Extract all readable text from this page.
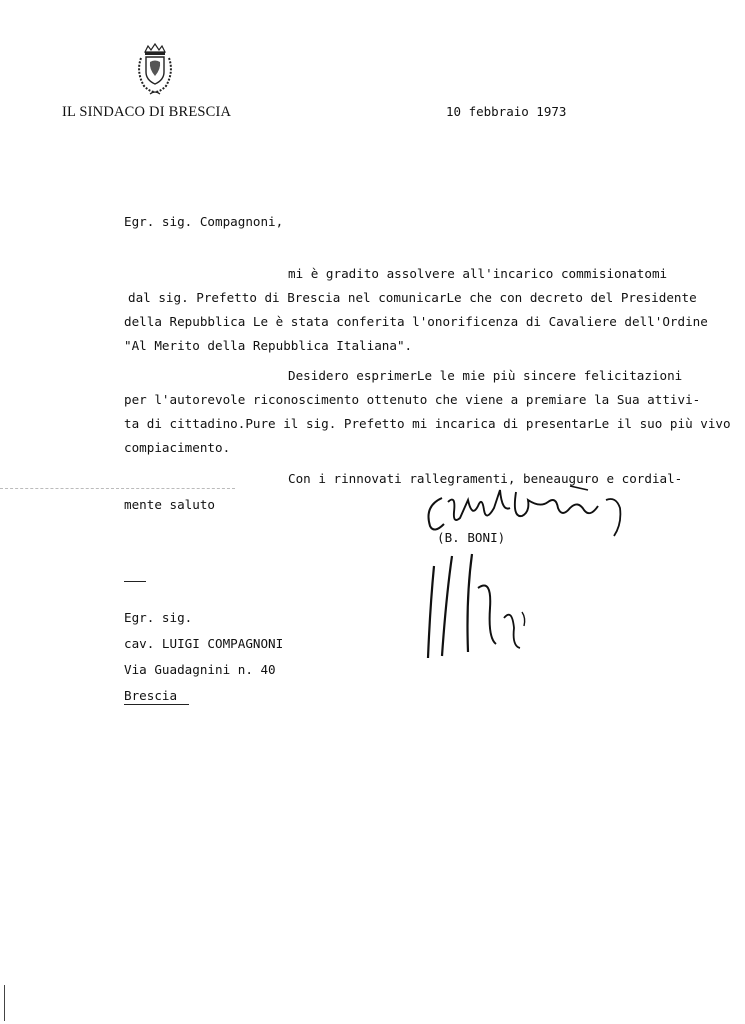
IL SINDACO DI BRESCIA	10 febbraio 1973
Egr. sig. Compagnoni,
mi è gradito assolvere all'incarico commisionatomi
dal sig. Prefetto di Brescia nel comunicarLe che con decreto del Presidente
della Repubblica Le è stata conferita l'onorificenza di Cavaliere dell'Ordine
"Al Merito della Repubblica Italiana".
Desidero esprimerLe le mie più sincere felicitazioni
per l'autorevole riconoscimento ottenuto che viene a premiare la Sua attivi-
ta di cittadino.Pure il sig. Prefetto mi incarica di presentarLe il suo più vivo
compiacimento.
Con i rinnovati rallegramenti, beneauguro e cordial-
mente saluto
(B. BONI)
Egr. sig.
cav. LUIGI COMPAGNONI
Via Guadagnini n. 40
Brescia
